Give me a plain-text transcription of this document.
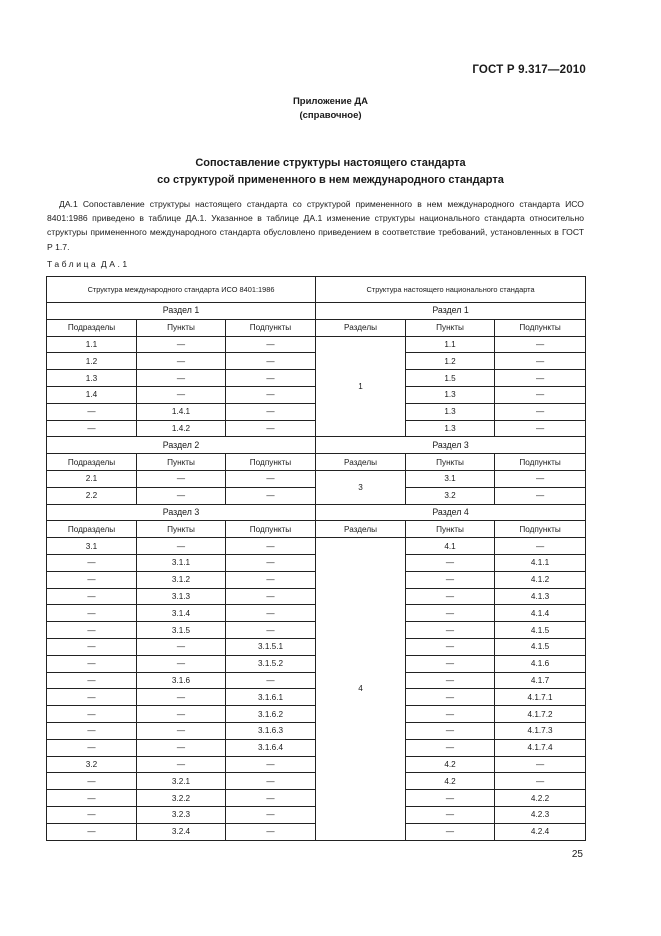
ГОСТ Р 9.317—2010
Приложение ДА
(справочное)
Сопоставление структуры настоящего стандарта
со структурой примененного в нем международного стандарта

ДА.1 Сопоставление структуры настоящего стандарта со структурой примененного в нем международного стандарта ИСО 8401:1986 приведено в таблице ДА.1. Указанное в таблице ДА.1 изменение структуры национального стандарта относительно структуры примененного международного стандарта обусловлено приведением в соответствие требований, установленных в ГОСТ Р 1.7.

Таблица ДА.1
Структура международного стандарта ИСО 8401:1986			Структура настоящего национального стандарта		
Раздел 1			Раздел 1		
Подразделы	Пункты	Подпункты	Разделы	Пункты	Подпункты
1.1	—	—	1	1.1	—
1.2	—	—		1.2	—
1.3	—	—		1.5	—
1.4	—	—		1.3	—
—	1.4.1	—		1.3	—
—	1.4.2	—		1.3	—
Раздел 2			Раздел 3		
Подразделы	Пункты	Подпункты	Разделы	Пункты	Подпункты
2.1	—	—	3	3.1	—
2.2	—	—		3.2	—
Раздел 3			Раздел 4		
Подразделы	Пункты	Подпункты	Разделы	Пункты	Подпункты
3.1	—	—	4	4.1	—
—	3.1.1	—		—	4.1.1
—	3.1.2	—		—	4.1.2
—	3.1.3	—		—	4.1.3
—	3.1.4	—		—	4.1.4
—	3.1.5	—		—	4.1.5
—	—	3.1.5.1		—	4.1.5
—	—	3.1.5.2		—	4.1.6
—	3.1.6	—		—	4.1.7
—	—	3.1.6.1		—	4.1.7.1
—	—	3.1.6.2		—	4.1.7.2
—	—	3.1.6.3		—	4.1.7.3
—	—	3.1.6.4		—	4.1.7.4
3.2	—	—		4.2	—
—	3.2.1	—		4.2	—
—	3.2.2	—		—	4.2.2
—	3.2.3	—		—	4.2.3
—	3.2.4	—		—	4.2.4
25
